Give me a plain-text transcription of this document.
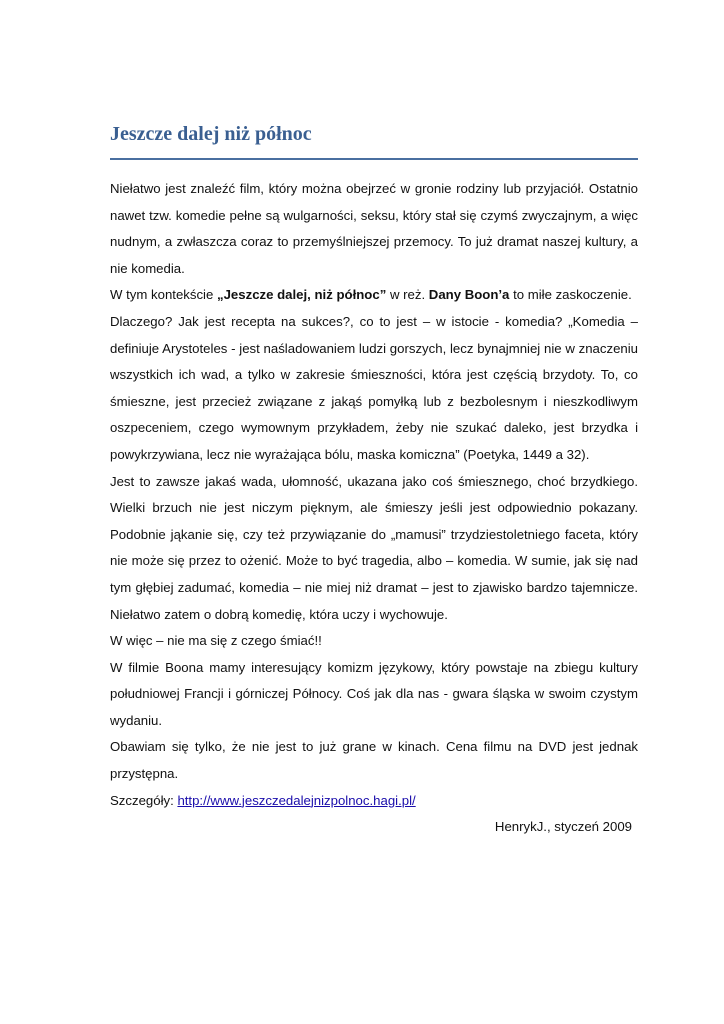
Jeszcze dalej niż północ

Niełatwo jest znaleźć film, który można obejrzeć w gronie rodziny lub przyjaciół. Ostatnio nawet tzw. komedie pełne są wulgarności, seksu, który stał się czymś zwyczajnym, a więc nudnym, a zwłaszcza coraz to przemyślniejszej przemocy. To już dramat naszej kultury, a nie komedia.

W tym kontekście „Jeszcze dalej, niż północ” w reż. Dany Boon’a to miłe zaskoczenie.

Dlaczego? Jak jest recepta na sukces?, co to jest – w istocie - komedia? „Komedia – definiuje Arystoteles - jest naśladowaniem ludzi gorszych, lecz bynajmniej nie w znaczeniu wszystkich ich wad, a tylko w zakresie śmieszności, która jest częścią brzydoty. To, co śmieszne, jest przecież związane z jakąś pomyłką lub z bezbolesnym i nieszkodliwym oszpeceniem, czego wymownym przykładem, żeby nie szukać daleko, jest brzydka i powykrzywiana, lecz nie wyrażająca bólu, maska komiczna” (Poetyka, 1449 a 32).

Jest to zawsze jakaś wada, ułomność, ukazana jako coś śmiesznego, choć brzydkiego. Wielki brzuch nie jest niczym pięknym, ale śmieszy jeśli jest odpowiednio pokazany. Podobnie jąkanie się, czy też przywiązanie do „mamusi” trzydziestoletniego faceta, który nie może się przez to ożenić. Może to być tragedia, albo – komedia. W sumie, jak się nad tym głębiej zadumać, komedia – nie miej niż dramat – jest to zjawisko bardzo tajemnicze. Niełatwo zatem o dobrą komedię, która uczy i wychowuje.

W więc – nie ma się z czego śmiać!!

W filmie Boona mamy interesujący komizm językowy, który powstaje na zbiegu kultury południowej Francji i górniczej Północy. Coś jak dla nas - gwara śląska w swoim czystym wydaniu.

Obawiam się tylko, że nie jest to już grane w kinach. Cena filmu na DVD jest jednak przystępna.

Szczegóły: http://www.jeszczedalejnizpolnoc.hagi.pl/

HenrykJ., styczeń 2009
